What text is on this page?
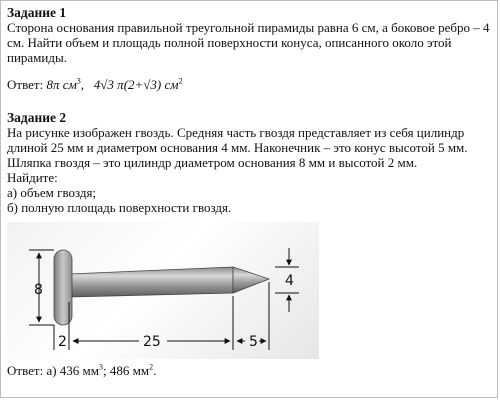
Задание 1
Сторона основания правильной треугольной пирамиды равна 6 см, а боковое ребро – 4 см. Найти объем и площадь полной поверхности конуса, описанного около этой пирамиды.
Ответ: 8π $см^3$, 4√3 π(2+√3) $см^2$
Задание 2
На рисунке изображен гвоздь. Средняя часть гвоздя представляет из себя цилиндр длиной 25 мм и диаметром основания 4 мм. Наконечник – это конус высотой 5 мм. Шляпка гвоздя – это цилиндр диаметром основания 8 мм и высотой 2 мм.
Найдите:
а) объем гвоздя;
б) полную площадь поверхности гвоздя.
8
4
2	25	5
Ответ: а) 436 $мм^3$; 486 $мм^2$.
